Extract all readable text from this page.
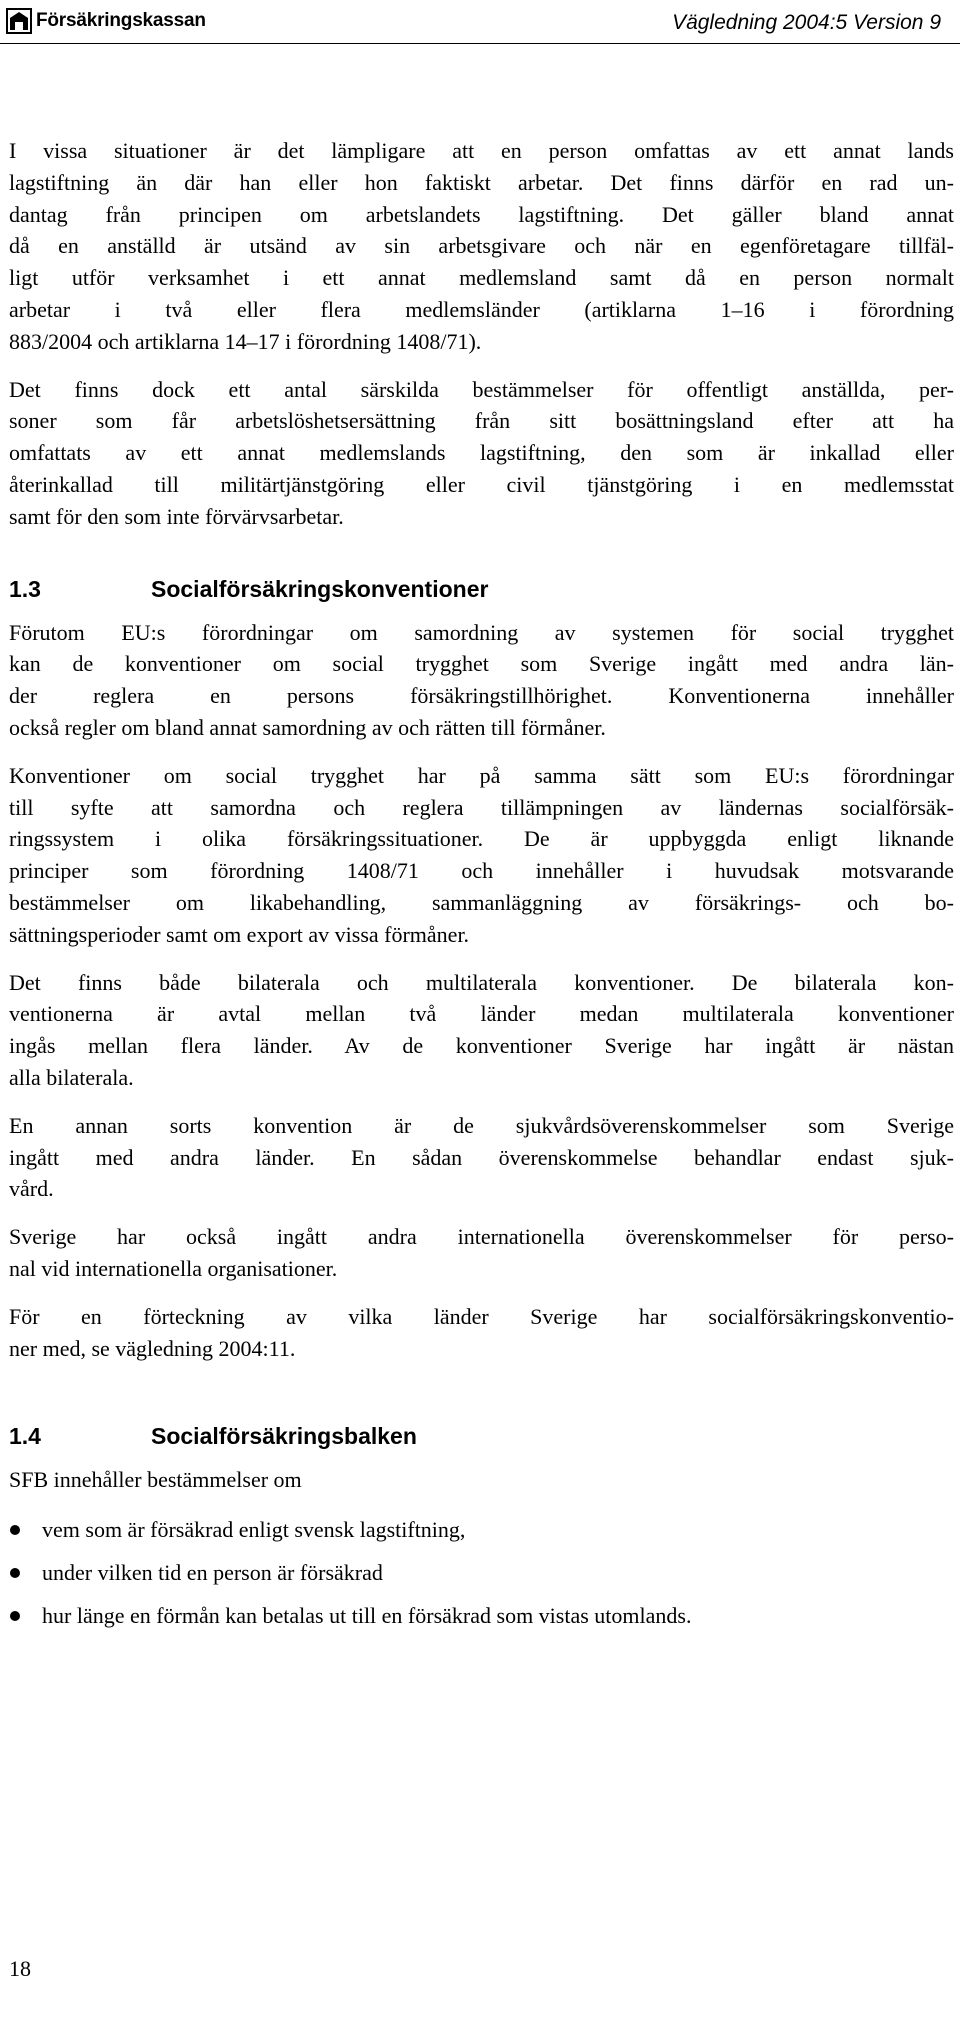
Försäkringskassan	Vägledning 2004:5 Version 9

I vissa situationer är det lämpligare att en person omfattas av ett annat lands
lagstiftning än där han eller hon faktiskt arbetar. Det finns därför en rad un-
dantag från principen om arbetslandets lagstiftning. Det gäller bland annat
då en anställd är utsänd av sin arbetsgivare och när en egenföretagare tillfäl-
ligt utför verksamhet i ett annat medlemsland samt då en person normalt
arbetar i två eller flera medlemsländer (artiklarna 1–16 i förordning
883/2004 och artiklarna 14–17 i förordning 1408/71).

Det finns dock ett antal särskilda bestämmelser för offentligt anställda, per-
soner som får arbetslöshetsersättning från sitt bosättningsland efter att ha
omfattats av ett annat medlemslands lagstiftning, den som är inkallad eller
återinkallad till militärtjänstgöring eller civil tjänstgöring i en medlemsstat
samt för den som inte förvärvsarbetar.

1.3	Socialförsäkringskonventioner

Förutom EU:s förordningar om samordning av systemen för social trygghet
kan de konventioner om social trygghet som Sverige ingått med andra län-
der reglera en persons försäkringstillhörighet. Konventionerna innehåller
också regler om bland annat samordning av och rätten till förmåner.

Konventioner om social trygghet har på samma sätt som EU:s förordningar
till syfte att samordna och reglera tillämpningen av ländernas socialförsäk-
ringssystem i olika försäkringssituationer. De är uppbyggda enligt liknande
principer som förordning 1408/71 och innehåller i huvudsak motsvarande
bestämmelser om likabehandling, sammanläggning av försäkrings- och bo-
sättningsperioder samt om export av vissa förmåner.

Det finns både bilaterala och multilaterala konventioner. De bilaterala kon-
ventionerna är avtal mellan två länder medan multilaterala konventioner
ingås mellan flera länder. Av de konventioner Sverige har ingått är nästan
alla bilaterala.

En annan sorts konvention är de sjukvårdsöverenskommelser som Sverige
ingått med andra länder. En sådan överenskommelse behandlar endast sjuk-
vård.

Sverige har också ingått andra internationella överenskommelser för perso-
nal vid internationella organisationer.

För en förteckning av vilka länder Sverige har socialförsäkringskonventio-
ner med, se vägledning 2004:11.

1.4	Socialförsäkringsbalken

SFB innehåller bestämmelser om

vem som är försäkrad enligt svensk lagstiftning,
under vilken tid en person är försäkrad
hur länge en förmån kan betalas ut till en försäkrad som vistas utomlands.
18
